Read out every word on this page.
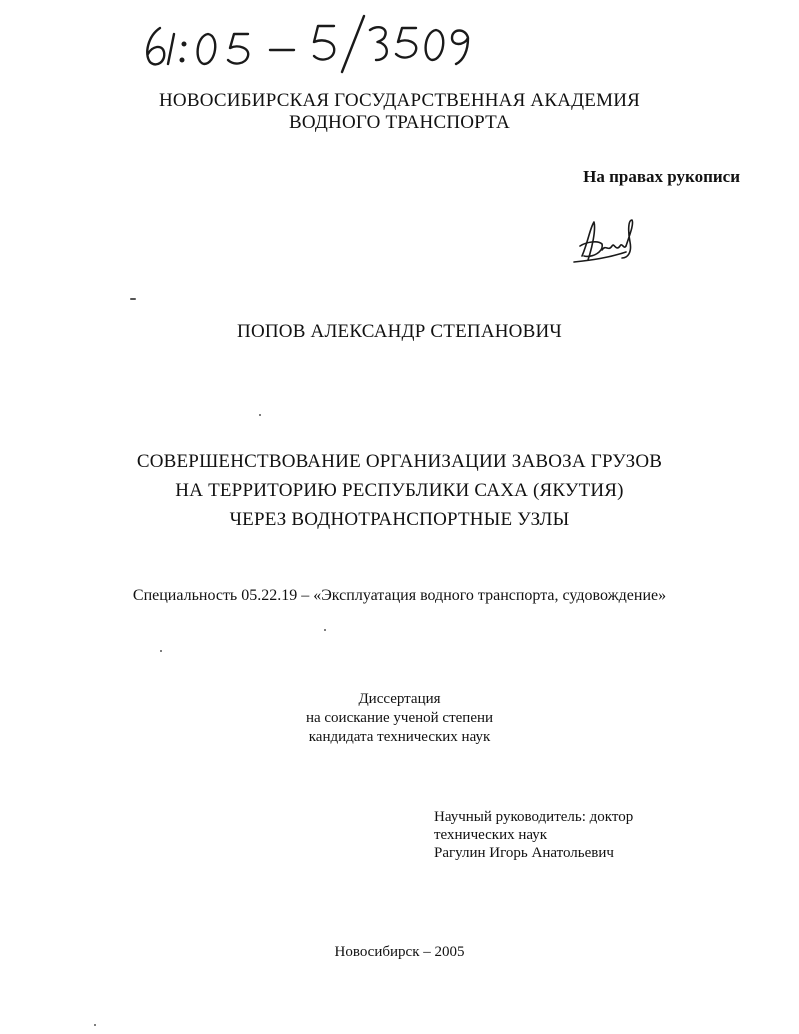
НОВОСИБИРСКАЯ ГОСУДАРСТВЕННАЯ АКАДЕМИЯ
ВОДНОГО ТРАНСПОРТА
На правах рукописи
ПОПОВ АЛЕКСАНДР СТЕПАНОВИЧ
СОВЕРШЕНСТВОВАНИЕ ОРГАНИЗАЦИИ ЗАВОЗА ГРУЗОВ
НА ТЕРРИТОРИЮ РЕСПУБЛИКИ САХА (ЯКУТИЯ)
ЧЕРЕЗ ВОДНОТРАНСПОРТНЫЕ УЗЛЫ
Специальность 05.22.19 – «Эксплуатация водного транспорта, судовождение»
Диссертация
на соискание ученой степени
кандидата технических наук
Научный руководитель: доктор
технических наук
Рагулин Игорь Анатольевич
Новосибирск – 2005
